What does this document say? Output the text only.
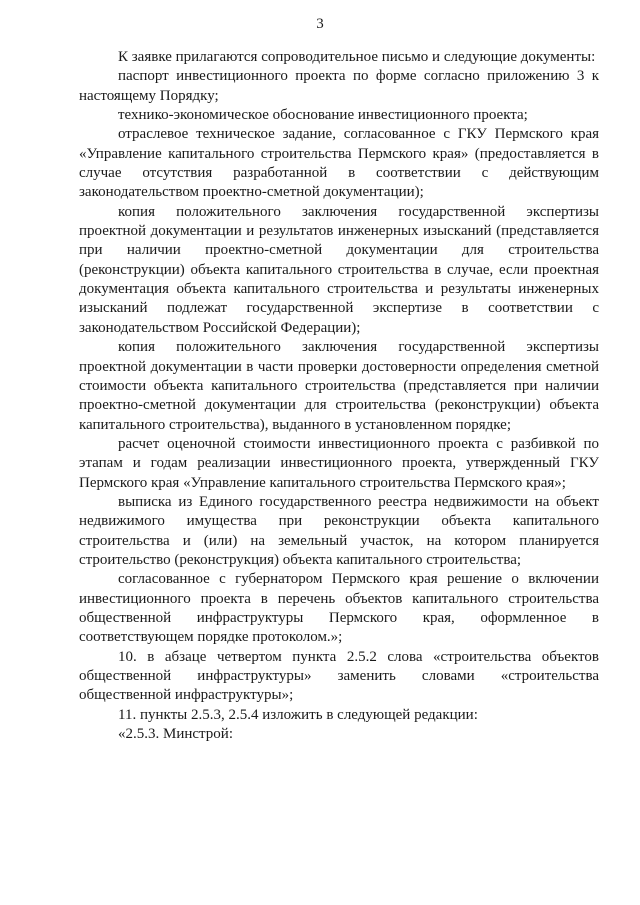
3

К заявке прилагаются сопроводительное письмо и следующие документы:

паспорт инвестиционного проекта по форме согласно приложению 3 к настоящему Порядку;

технико-экономическое обоснование инвестиционного проекта;

отраслевое техническое задание, согласованное с ГКУ Пермского края «Управление капитального строительства Пермского края» (предоставляется в случае отсутствия разработанной в соответствии с действующим законодательством проектно-сметной документации);

копия положительного заключения государственной экспертизы проектной документации и результатов инженерных изысканий (представляется при наличии проектно-сметной документации для строительства (реконструкции) объекта капитального строительства в случае, если проектная документация объекта капитального строительства и результаты инженерных изысканий подлежат государственной экспертизе в соответствии с законодательством Российской Федерации);

копия положительного заключения государственной экспертизы проектной документации в части проверки достоверности определения сметной стоимости объекта капитального строительства (представляется при наличии проектно-сметной документации для строительства (реконструкции) объекта капитального строительства), выданного в установленном порядке;

расчет оценочной стоимости инвестиционного проекта с разбивкой по этапам и годам реализации инвестиционного проекта, утвержденный ГКУ Пермского края «Управление капитального строительства Пермского края»;

выписка из Единого государственного реестра недвижимости на объект недвижимого имущества при реконструкции объекта капитального строительства и (или) на земельный участок, на котором планируется строительство (реконструкция) объекта капитального строительства;

согласованное с губернатором Пермского края решение о включении инвестиционного проекта в перечень объектов капитального строительства общественной инфраструктуры Пермского края, оформленное в соответствующем порядке протоколом.»;

10. в абзаце четвертом пункта 2.5.2 слова «строительства объектов общественной инфраструктуры» заменить словами «строительства общественной инфраструктуры»;

11. пункты 2.5.3, 2.5.4 изложить в следующей редакции:

«2.5.3. Минстрой:
